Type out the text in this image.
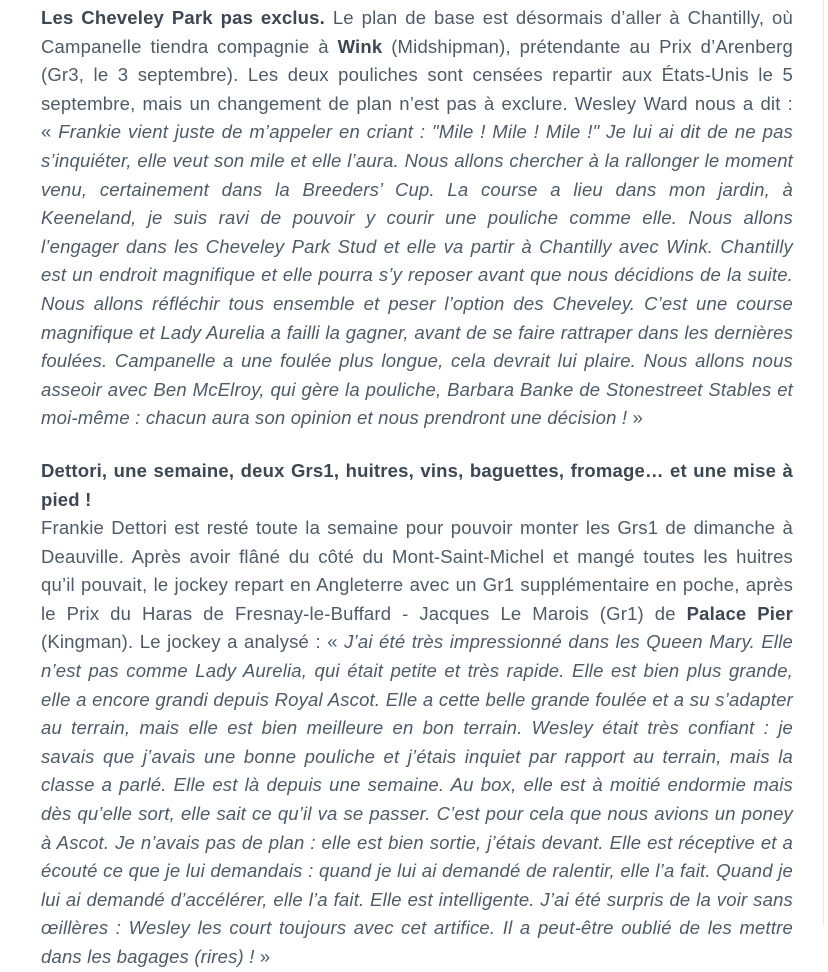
Les Cheveley Park pas exclus. Le plan de base est désormais d’aller à Chantilly, où Campanelle tiendra compagnie à Wink (Midshipman), prétendante au Prix d’Arenberg (Gr3, le 3 septembre). Les deux pouliches sont censées repartir aux États-Unis le 5 septembre, mais un changement de plan n’est pas à exclure. Wesley Ward nous a dit : « Frankie vient juste de m’appeler en criant : "Mile ! Mile ! Mile !" Je lui ai dit de ne pas s’inquiéter, elle veut son mile et elle l’aura. Nous allons chercher à la rallonger le moment venu, certainement dans la Breeders’ Cup. La course a lieu dans mon jardin, à Keeneland, je suis ravi de pouvoir y courir une pouliche comme elle. Nous allons l’engager dans les Cheveley Park Stud et elle va partir à Chantilly avec Wink. Chantilly est un endroit magnifique et elle pourra s’y reposer avant que nous décidions de la suite. Nous allons réfléchir tous ensemble et peser l’option des Cheveley. C’est une course magnifique et Lady Aurelia a failli la gagner, avant de se faire rattraper dans les dernières foulées. Campanelle a une foulée plus longue, cela devrait lui plaire. Nous allons nous asseoir avec Ben McElroy, qui gère la pouliche, Barbara Banke de Stonestreet Stables et moi-même : chacun aura son opinion et nous prendront une décision ! »

Dettori, une semaine, deux Grs1, huitres, vins, baguettes, fromage… et une mise à pied !
Frankie Dettori est resté toute la semaine pour pouvoir monter les Grs1 de dimanche à Deauville. Après avoir flâné du côté du Mont-Saint-Michel et mangé toutes les huitres qu’il pouvait, le jockey repart en Angleterre avec un Gr1 supplémentaire en poche, après le Prix du Haras de Fresnay-le-Buffard - Jacques Le Marois (Gr1) de Palace Pier (Kingman). Le jockey a analysé : « J’ai été très impressionné dans les Queen Mary. Elle n’est pas comme Lady Aurelia, qui était petite et très rapide. Elle est bien plus grande, elle a encore grandi depuis Royal Ascot. Elle a cette belle grande foulée et a su s’adapter au terrain, mais elle est bien meilleure en bon terrain. Wesley était très confiant : je savais que j’avais une bonne pouliche et j’étais inquiet par rapport au terrain, mais la classe a parlé. Elle est là depuis une semaine. Au box, elle est à moitié endormie mais dès qu’elle sort, elle sait ce qu’il va se passer. C’est pour cela que nous avions un poney à Ascot. Je n’avais pas de plan : elle est bien sortie, j’étais devant. Elle est réceptive et a écouté ce que je lui demandais : quand je lui ai demandé de ralentir, elle l’a fait. Quand je lui ai demandé d’accélérer, elle l’a fait. Elle est intelligente. J’ai été surpris de la voir sans œillères : Wesley les court toujours avec cet artifice. Il a peut-être oublié de les mettre dans les bagages (rires) ! »
